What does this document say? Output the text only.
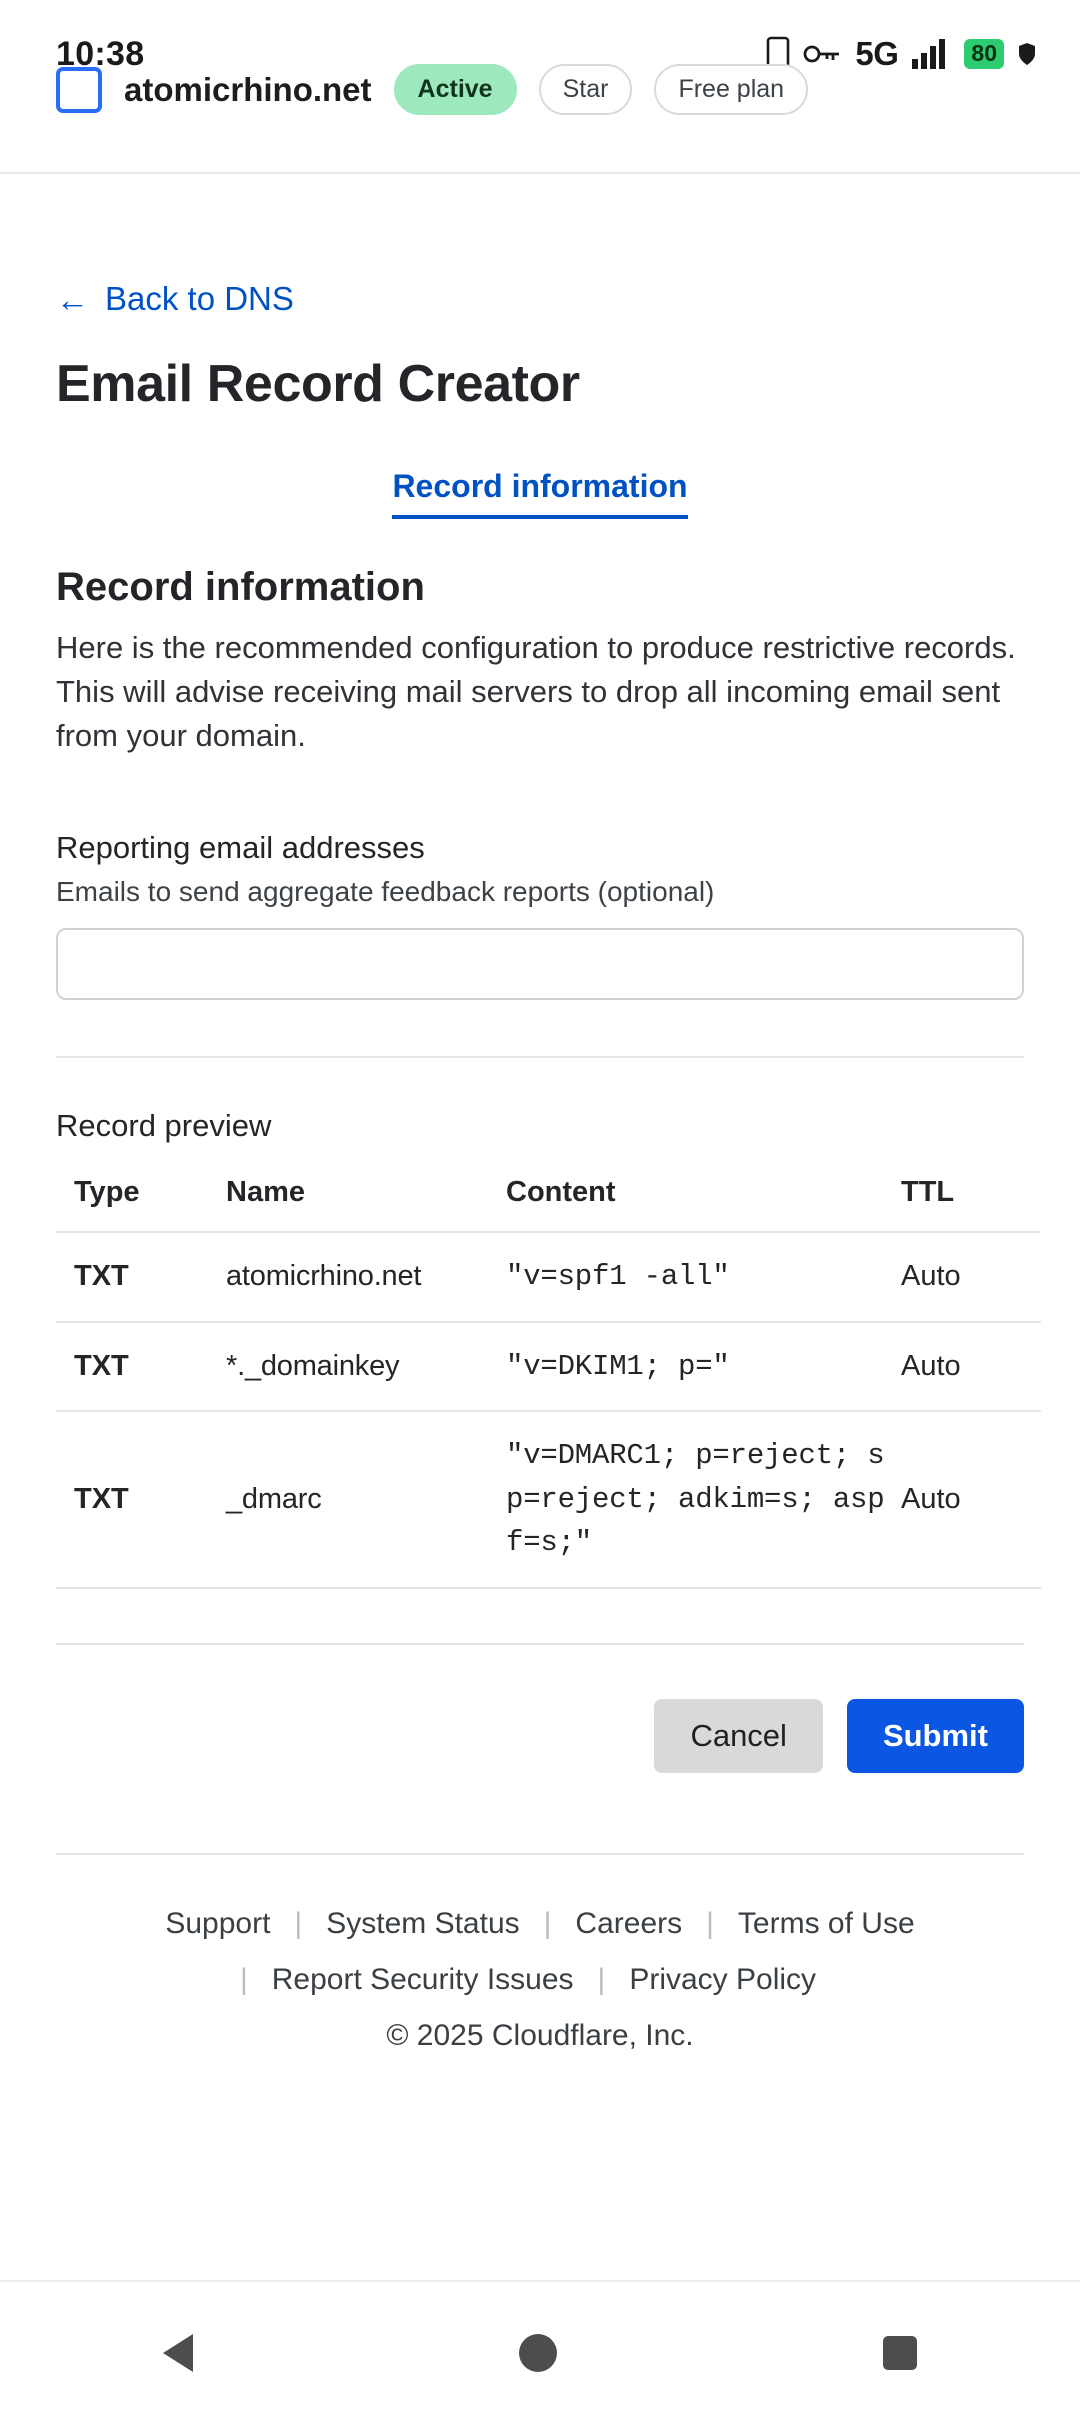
10:38	5G	80
atomicrhino.net	Active	Star	Free plan
← Back to DNS
Email Record Creator
Record information
Record information

Here is the recommended configuration to produce restrictive records. This will advise receiving mail servers to drop all incoming email sent from your domain.

Reporting email addresses
Emails to send aggregate feedback reports (optional)
Record preview
Type	Name	Content	TTL
TXT	atomicrhino.net	"v=spf1 -all"	Auto
TXT	*._domainkey	"v=DKIM1; p="	Auto
TXT	_dmarc	"v=DMARC1; p=reject; sp=reject; adkim=s; aspf=s;"	Auto
Cancel	Submit
Support | System Status | Careers | Terms of Use
| Report Security Issues | Privacy Policy
© 2025 Cloudflare, Inc.
